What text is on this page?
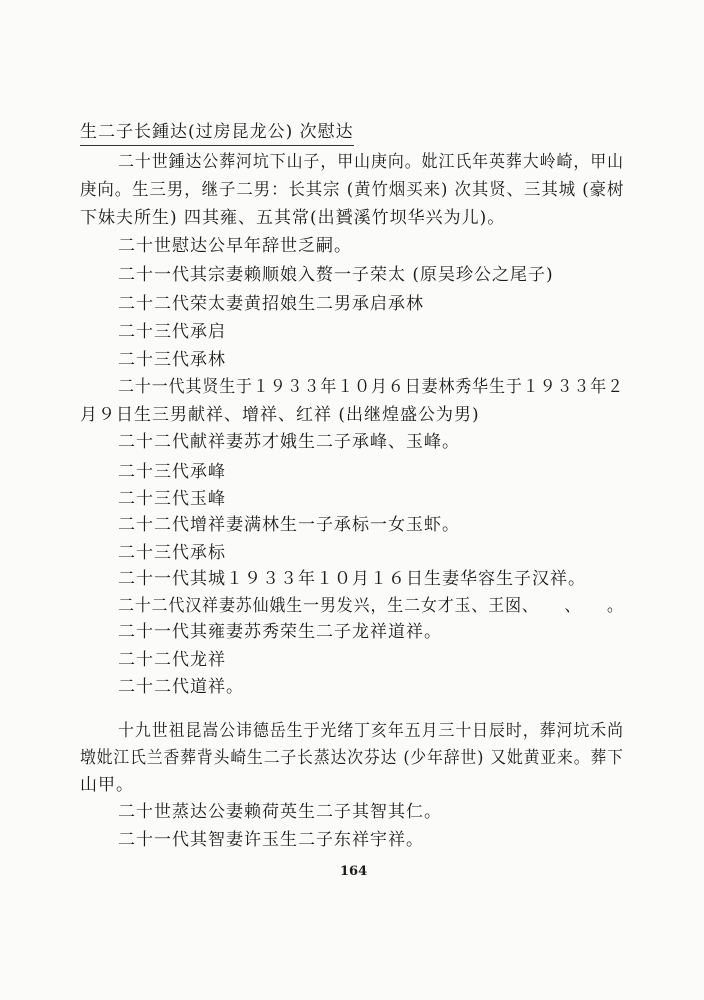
生二子长鍾达(过房昆龙公) 次慰达
二十世鍾达公葬河坑下山子，甲山庚向。妣江氏年英葬大岭崎，甲山
庚向。生三男，继子二男：长其宗 (黄竹烟买来) 次其贤、三其城 (豪树
下妹夫所生) 四其雍、五其常(出贇溪竹坝华兴为儿)。
二十世慰达公早年辞世乏嗣。
二十一代其宗妻赖顺娘入赘一子荣太 (原吴珍公之尾子)
二十二代荣太妻黄招娘生二男承启承林
二十三代承启
二十三代承林
二十一代其贤生于１９３３年１０月６日妻林秀华生于１９３３年２
月９日生三男献祥、增祥、红祥 (出继煌盛公为男)
二十二代献祥妻苏才娥生二子承峰、玉峰。
二十三代承峰
二十三代玉峰
二十二代增祥妻满林生一子承标一女玉虾。
二十三代承标
二十一代其城１９３３年１０月１６日生妻华容生子汉祥。
二十二代汉祥妻苏仙娥生一男发兴，生二女才玉、王囡、　　、　　。
二十一代其雍妻苏秀荣生二子龙祥道祥。
二十二代龙祥
二十二代道祥。
十九世祖昆嵩公讳德岳生于光绪丁亥年五月三十日辰时，葬河坑禾尚
墩妣江氏兰香葬背头崎生二子长蒸达次芬达 (少年辞世) 又妣黄亚来。葬下
山甲。
二十世蒸达公妻赖荷英生二子其智其仁。
二十一代其智妻许玉生二子东祥宇祥。
164
